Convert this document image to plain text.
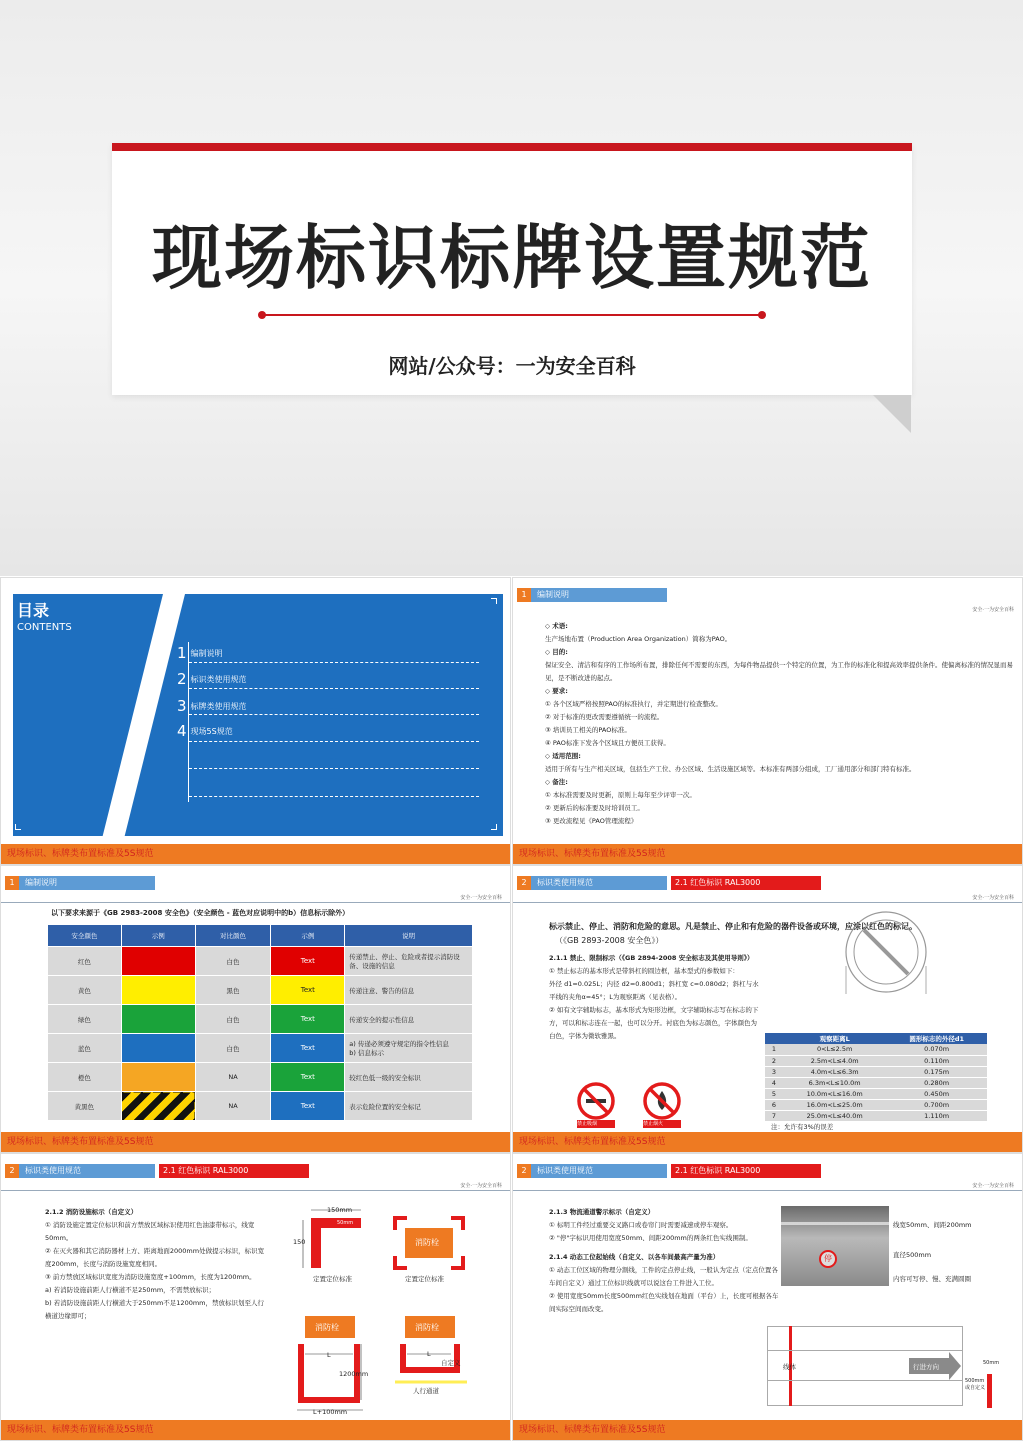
现场标识标牌设置规范
网站/公众号：一为安全百科
目录
CONTENTS
1 编制说明
2 标识类使用规范
3 标牌类使用规范
4 现场5S规范
现场标识、标牌类布置标准及5S规范
1 编制说明
安全·一为安全百科
◇ 术语:
生产场地布置（Production Area Organization）简称为PAO。
◇ 目的:
保证安全、清洁和有序的工作场所布置，排除任何不需要的东西，为每件物品提供一个特定的位置，为工作的标准化和提高效率提供条件。使偏离标准的情况显而易见，是不断改进的起点。
◇ 要求:
① 各个区域严格按照PAO的标准执行，并定期进行检查整改。
② 对于标准的更改需要遵循统一的流程。
③ 培训员工相关的PAO标准。
④ PAO标准下发各个区域且方便员工获得。
◇ 适用范围:
适用于所有与生产相关区域，包括生产工位、办公区域、生活设施区域等。本标准有两部分组成，工厂通用部分和部门特有标准。
◇ 备注:
① 本标准需要及时更新，原则上每年至少评审一次。
② 更新后的标准要及时培训员工。
③ 更改流程见《PAO管理流程》
现场标识、标牌类布置标准及5S规范
1 编制说明
安全·一为安全百科
以下要求来源于《GB 2983-2008 安全色》（安全颜色 - 蓝色对应说明中的b）信息标示除外）
安全颜色	示例	对比颜色	示例	说明
红色		白色	Text	传递禁止、停止、危险或者提示消防设备、设施的信息
黄色		黑色	Text	传递注意、警告的信息
绿色		白色	Text	传递安全的提示性信息
蓝色		白色	Text	a) 传递必须遵守规定的指令性信息
b) 信息标示
橙色		NA	Text	较红色低一级的安全标识
黄黑色		NA	Text	表示危险位置的安全标记
现场标识、标牌类布置标准及5S规范
2 标识类使用规范	2.1 红色标识 RAL3000
安全·一为安全百科
标示禁止、停止、消防和危险的意思。凡是禁止、停止和有危险的器件设备或环境，应涂以红色的标记。
（《GB 2893-2008 安全色》）
2.1.1 禁止、限制标示（《GB 2894-2008 安全标志及其使用导则》）
① 禁止标志的基本形式是带斜杠的圆边框，基本型式的参数如下：
外径 d1=0.025L；内径 d2=0.800d1；斜杠宽 c=0.080d2；斜杠与水平线的夹角α=45°；L为观察距离（见表格）。
② 如有文字辅助标志，基本形式为矩形边框，文字辅助标志写在标志的下方，可以和标志连在一起，也可以分开。衬底色为标志颜色，字体颜色为白色，字体为微软雅黑。
禁止吸烟	禁止烟火
	观察距离L	圆形标志的外径d1
1	0<L≤2.5m	0.070m
2	2.5m<L≤4.0m	0.110m
3	4.0m<L≤6.3m	0.175m
4	6.3m<L≤10.0m	0.280m
5	10.0m<L≤16.0m	0.450m
6	16.0m<L≤25.0m	0.700m
7	25.0m<L≤40.0m	1.110m
注：允许有3%的误差
现场标识、标牌类布置标准及5S规范
2 标识类使用规范	2.1 红色标识 RAL3000
安全·一为安全百科
2.1.2 消防设施标示（自定义）
① 消防设施定置定位标识和前方禁放区域标识使用红色油漆带标示，线宽50mm。
② 在灭火器和其它消防器材上方、距离地面2000mm处做提示标识，标识宽度200mm，长度与消防设施宽度相同。
③ 前方禁放区域标识宽度为消防设施宽度+100mm，长度为1200mm。
a) 若消防设施前距人行横道不足250mm，不需禁放标识；
b) 若消防设施前距人行横道大于250mm不足1200mm，禁放标识划至人行横道边缘即可；
150mm
50mm
150
定置定位标准
消防栓
定置定位标准
消防栓
L
1200mm
L+100mm
消防栓
L
自定义
人行通道
现场标识、标牌类布置标准及5S规范
2 标识类使用规范	2.1 红色标识 RAL3000
安全·一为安全百科
2.1.3 物流通道警示标示（自定义）
① 标明工件经过重要交叉路口或卷帘门时需要减速或停车观察。
② "停"字标识用使用宽度50mm、间距200mm的两条红色实线围制。
2.1.4 动态工位起始线（自定义、以各车间最高产量为准）
① 动态工位区域的物理分割线，工件的定点停止线，一般认为定点（定点位置各车间自定义）通过工位标识线就可以说这台工件进入工位。
② 使用宽度50mm长度500mm红色实线划在地面（平台）上，长度可根据各车间实际空间而改变。
停
线宽50mm、间距200mm
直径500mm
内容可写停、慢、充满圆圈
线体	行进方向	50mm
500mm或自定义
现场标识、标牌类布置标准及5S规范
